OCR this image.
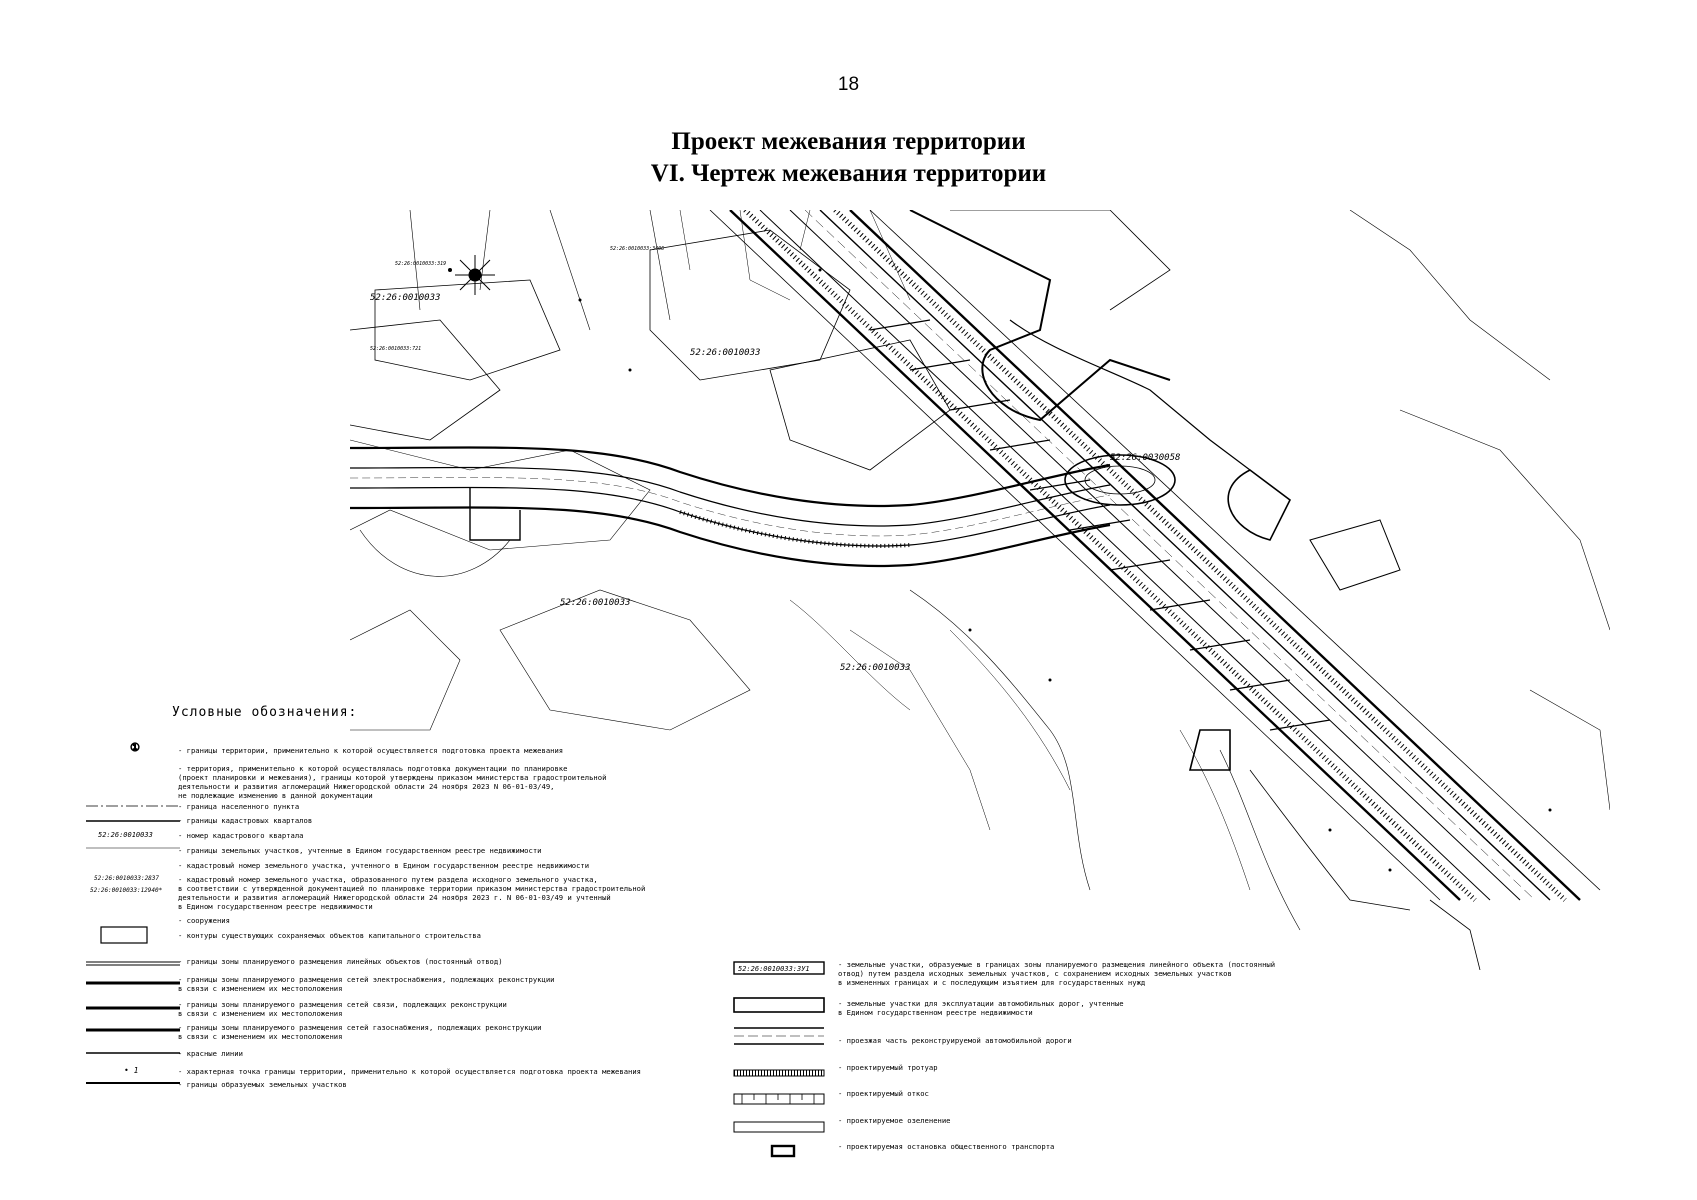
18
Проект межевания территории
VI. Чертеж межевания территории
52:26:0010033
52:26:0010033
52:26:0010033
52:26:0010033
52:26:0030058
52:26:0010033:3406
52:26:0010033:319
52:26:0010033:721
Условные обозначения:
①
52:26:0010033
52:26:0010033:2837
52:26:0010033:12940*
• 1
- границы территории, применительно к которой осуществляется подготовка проекта межевания
- территория, применительно к которой осуществлялась подготовка документации по планировке
(проект планировки и межевания), границы которой утверждены приказом министерства градостроительной
деятельности и развития агломераций Нижегородской области 24 ноября 2023 N 06-01-03/49,
не подлежащие изменению в данной документации
- граница населенного пункта
- границы кадастровых кварталов
- номер кадастрового квартала
- границы земельных участков, учтенные в Едином государственном реестре недвижимости
- кадастровый номер земельного участка, учтенного в Едином государственном реестре недвижимости
- кадастровый номер земельного участка, образованного путем раздела исходного земельного участка,
в соответствии с утвержденной документацией по планировке территории приказом министерства градостроительной
деятельности и развития агломераций Нижегородской области 24 ноября 2023 г. N 06-01-03/49 и учтенный
в Едином государственном реестре недвижимости
- сооружения
- контуры существующих сохраняемых объектов капитального строительства
- границы зоны планируемого размещения линейных объектов (постоянный отвод)
- границы зоны планируемого размещения сетей электроснабжения, подлежащих реконструкции
в связи с изменением их местоположения
- границы зоны планируемого размещения сетей связи, подлежащих реконструкции
в связи с изменением их местоположения
- границы зоны планируемого размещения сетей газоснабжения, подлежащих реконструкции
в связи с изменением их местоположения
- красные линии
- характерная точка границы территории, применительно к которой осуществляется подготовка проекта межевания
- границы образуемых земельных участков
52:26:0010033:ЗУ1	- земельные участки, образуемые в границах зоны планируемого размещения линейного объекта (постоянный
отвод) путем раздела исходных земельных участков, с сохранением исходных земельных участков
в измененных границах и с последующим изъятием для государственных нужд
- земельные участки для эксплуатации автомобильных дорог, учтенные
в Едином государственном реестре недвижимости
- проезжая часть реконструируемой автомобильной дороги
- проектируемый тротуар
- проектируемый откос
- проектируемое озеленение
- проектируемая остановка общественного транспорта
